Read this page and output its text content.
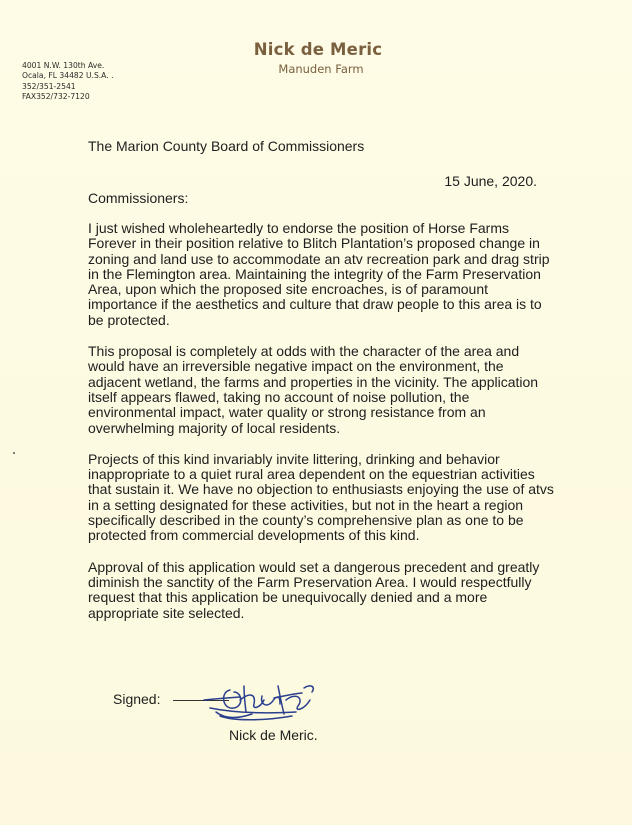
Nick de Meric
Manuden Farm
4001 N.W. 130th Ave.
Ocala, FL 34482 U.S.A. .
352/351-2541
FAX352/732-7120
The Marion County Board of Commissioners
15 June, 2020.
Commissioners:

I just wished wholeheartedly to endorse the position of Horse Farms Forever in their position relative to Blitch Plantation’s proposed change in zoning and land use to accommodate an atv recreation park and drag strip in the Flemington area. Maintaining the integrity of the Farm Preservation Area, upon which the proposed site encroaches, is of paramount importance if the aesthetics and culture that draw people to this area is to be protected.

This proposal is completely at odds with the character of the area and would have an irreversible negative impact on the environment, the adjacent wetland, the farms and properties in the vicinity. The application itself appears flawed, taking no account of noise pollution, the environmental impact, water quality or strong resistance from an overwhelming majority of local residents.

Projects of this kind invariably invite littering, drinking and behavior inappropriate to a quiet rural area dependent on the equestrian activities that sustain it. We have no objection to enthusiasts enjoying the use of atvs in a setting designated for these activities, but not in the heart a region specifically described in the county’s comprehensive plan as one to be protected from commercial developments of this kind.

Approval of this application would set a dangerous precedent and greatly diminish the sanctity of the Farm Preservation Area. I would respectfully request that this application be unequivocally denied and a more appropriate site selected.

Signed:
Nick de Meric.
